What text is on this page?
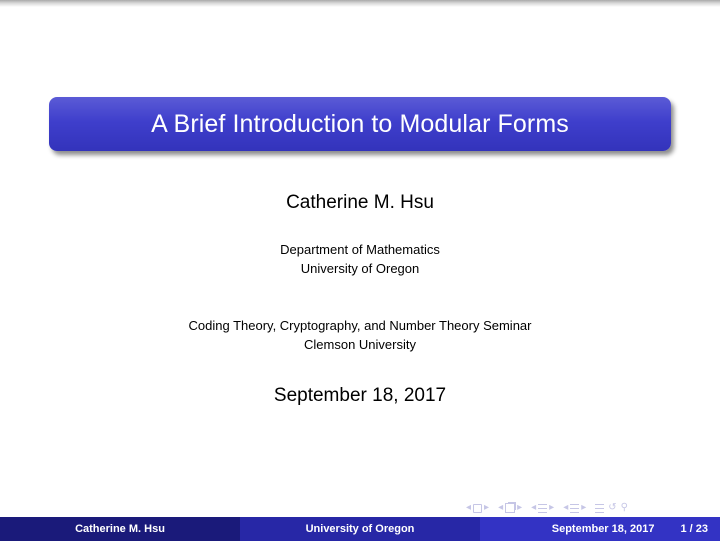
A Brief Introduction to Modular Forms
Catherine M. Hsu
Department of Mathematics
University of Oregon
Coding Theory, Cryptography, and Number Theory Seminar
Clemson University
September 18, 2017
◂ ▸ ◂ ▸ ◂ ▸ ◂ ▸ ↺ ⚲
Catherine M. Hsu	University of Oregon	September 18, 2017 1 / 23
